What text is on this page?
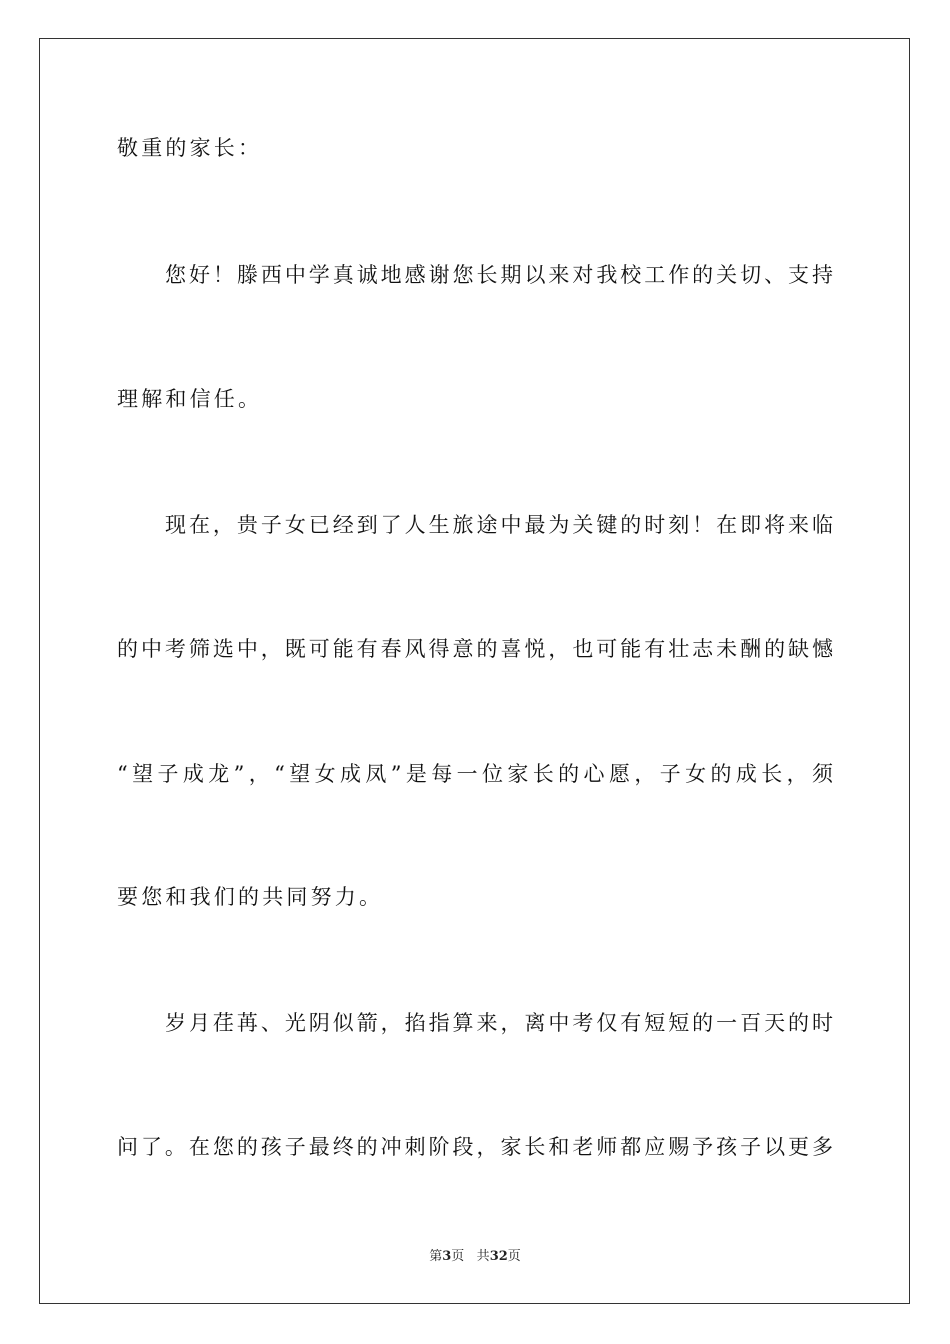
敬重的家长：
您好！滕西中学真诚地感谢您长期以来对我校工作的关切、支持
理解和信任。
现在，贵子女已经到了人生旅途中最为关键的时刻！在即将来临
的中考筛选中，既可能有春风得意的喜悦，也可能有壮志未酬的缺憾
“望子成龙”，“望女成凤”是每一位家长的心愿，子女的成长，须
要您和我们的共同努力。
岁月荏苒、光阴似箭，掐指算来，离中考仅有短短的一百天的时
问了。在您的孩子最终的冲刺阶段，家长和老师都应赐予孩子以更多
第3页 共32页
